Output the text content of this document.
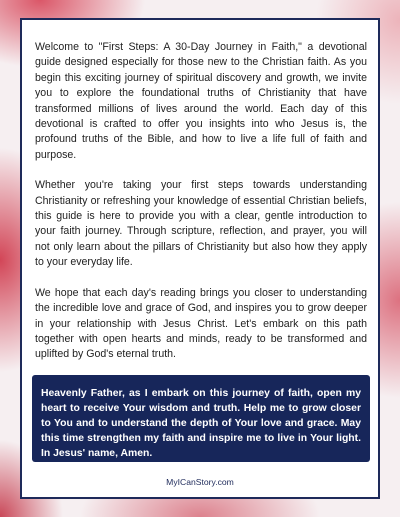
Welcome to "First Steps: A 30-Day Journey in Faith," a devotional guide designed especially for those new to the Christian faith. As you begin this exciting journey of spiritual discovery and growth, we invite you to explore the foundational truths of Christianity that have transformed millions of lives around the world. Each day of this devotional is crafted to offer you insights into who Jesus is, the profound truths of the Bible, and how to live a life full of faith and purpose.

Whether you're taking your first steps towards understanding Christianity or refreshing your knowledge of essential Christian beliefs, this guide is here to provide you with a clear, gentle introduction to your faith journey. Through scripture, reflection, and prayer, you will not only learn about the pillars of Christianity but also how they apply to your everyday life.

We hope that each day's reading brings you closer to understanding the incredible love and grace of God, and inspires you to grow deeper in your relationship with Jesus Christ. Let's embark on this path together with open hearts and minds, ready to be transformed and uplifted by God's eternal truth.

Heavenly Father, as I embark on this journey of faith, open my heart to receive Your wisdom and truth. Help me to grow closer to You and to understand the depth of Your love and grace. May this time strengthen my faith and inspire me to live in Your light. In Jesus' name, Amen.
MyICanStory.com
